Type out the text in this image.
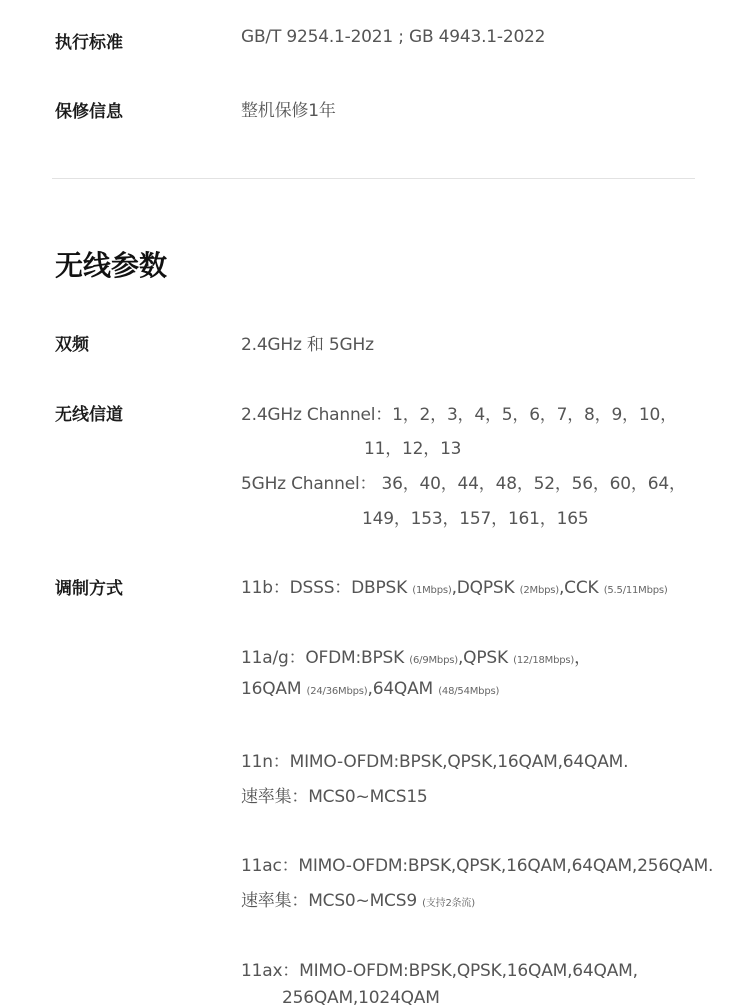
执行标准	GB/T 9254.1-2021 ; GB 4943.1-2022
保修信息	整机保修1年
无线参数
双频	2.4GHz 和 5GHz
无线信道	2.4GHz Channel：1，2，3，4，5，6，7，8，9，10，
11，12，13
5GHz Channel： 36，40，44，48，52，56，60，64，
149，153，157，161，165
调制方式	11b：DSSS：DBPSK (1Mbps),DQPSK (2Mbps),CCK (5.5/11Mbps)
11a/g：OFDM:BPSK (6/9Mbps),QPSK (12/18Mbps)，
16QAM (24/36Mbps),64QAM (48/54Mbps)
11n：MIMO-OFDM:BPSK,QPSK,16QAM,64QAM.
速率集：MCS0~MCS15
11ac：MIMO-OFDM:BPSK,QPSK,16QAM,64QAM,256QAM.
速率集：MCS0~MCS9 (支持2条流)
11ax：MIMO-OFDM:BPSK,QPSK,16QAM,64QAM,
256QAM,1024QAM
